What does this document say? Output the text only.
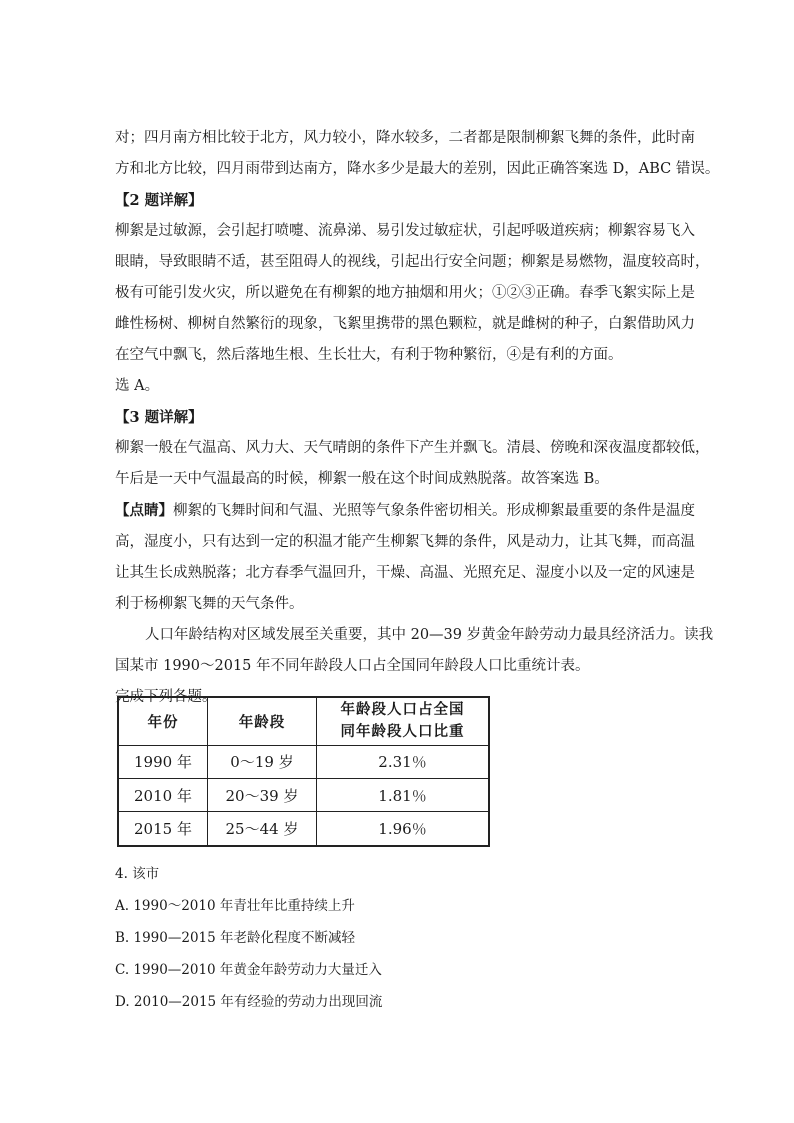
对；四月南方相比较于北方，风力较小，降水较多，二者都是限制柳絮飞舞的条件，此时南

方和北方比较，四月雨带到达南方，降水多少是最大的差别，因此正确答案选 D，ABC 错误。

【2 题详解】

柳絮是过敏源，会引起打喷嚏、流鼻涕、易引发过敏症状，引起呼吸道疾病；柳絮容易飞入

眼睛，导致眼睛不适，甚至阻碍人的视线，引起出行安全问题；柳絮是易燃物，温度较高时，

极有可能引发火灾，所以避免在有柳絮的地方抽烟和用火；①②③正确。春季飞絮实际上是

雌性杨树、柳树自然繁衍的现象，飞絮里携带的黑色颗粒，就是雌树的种子，白絮借助风力

在空气中飘飞，然后落地生根、生长壮大，有利于物种繁衍，④是有利的方面。

选 A。

【3 题详解】

柳絮一般在气温高、风力大、天气晴朗的条件下产生并飘飞。清晨、傍晚和深夜温度都较低，

午后是一天中气温最高的时候，柳絮一般在这个时间成熟脱落。故答案选 B。

【点睛】柳絮的飞舞时间和气温、光照等气象条件密切相关。形成柳絮最重要的条件是温度

高，湿度小，只有达到一定的积温才能产生柳絮飞舞的条件，风是动力，让其飞舞，而高温

让其生长成熟脱落；北方春季气温回升，干燥、高温、光照充足、湿度小以及一定的风速是

利于杨柳絮飞舞的天气条件。

人口年龄结构对区域发展至关重要，其中 20—39 岁黄金年龄劳动力最具经济活力。读我

国某市 1990～2015 年不同年龄段人口占全国同年龄段人口比重统计表。

完成下列各题。

年份	年龄段	年龄段人口占全国
同年龄段人口比重

1990 年	0～19 岁	2.31％
2010 年	20～39 岁	1.81％
2015 年	25～44 岁	1.96％
4. 该市
A. 1990～2010 年青壮年比重持续上升
B. 1990—2015 年老龄化程度不断减轻
C. 1990—2010 年黄金年龄劳动力大量迁入
D. 2010—2015 年有经验的劳动力出现回流
